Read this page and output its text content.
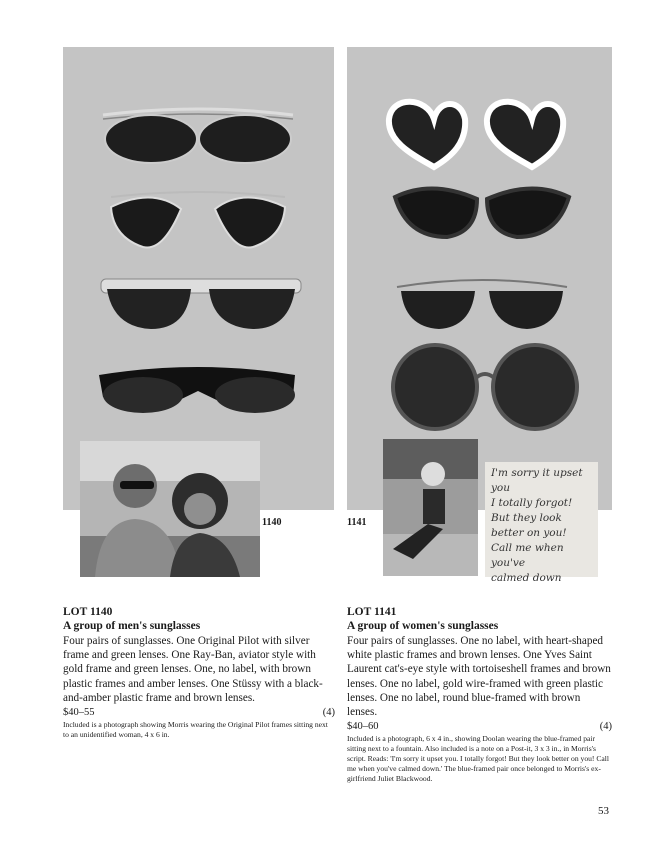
1140	1141
I'm sorry it upset you
I totally forgot!
But they look
better on you!
Call me when you've
calmed down
LOT 1140
A group of men's sunglasses
Four pairs of sunglasses. One Original Pilot with silver frame and green lenses. One Ray-Ban, aviator style with gold frame and green lenses. One, no label, with brown plastic frames and amber lenses. One Stüssy with a black-and-amber plastic frame and brown lenses.
$40–55	(4)
Included is a photograph showing Morris wearing the Original Pilot frames sitting next to an unidentified woman, 4 x 6 in.
LOT 1141
A group of women's sunglasses
Four pairs of sunglasses. One no label, with heart-shaped white plastic frames and brown lenses. One Yves Saint Laurent cat's-eye style with tortoiseshell frames and brown lenses. One no label, gold wire-framed with green plastic lenses. One no label, round blue-framed with brown lenses.
$40–60	(4)
Included is a photograph, 6 x 4 in., showing Doolan wearing the blue-framed pair sitting next to a fountain. Also included is a note on a Post-it, 3 x 3 in., in Morris's script. Reads: 'I'm sorry it upset you. I totally forgot! But they look better on you! Call me when you've calmed down.' The blue-framed pair once belonged to Morris's ex-girlfriend Juliet Blackwood.
53
